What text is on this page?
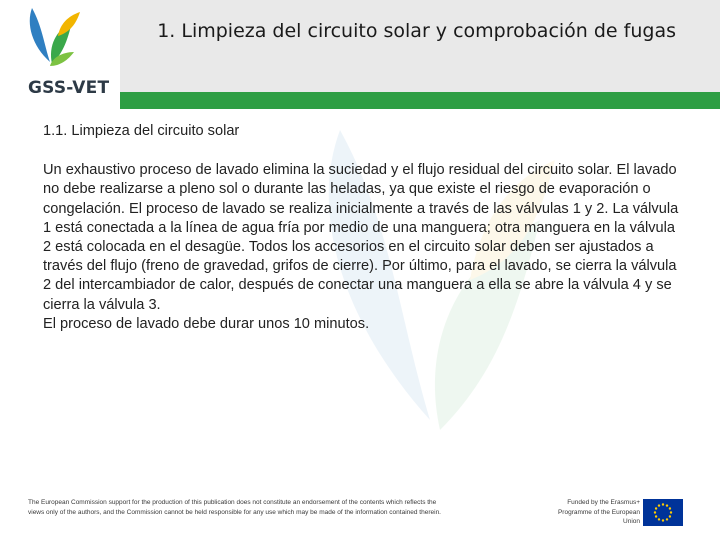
GSS-VET
1. Limpieza del circuito solar y comprobación de fugas

1.1. Limpieza del circuito solar

Un exhaustivo proceso de lavado elimina la suciedad y el flujo residual del circuito solar. El lavado no debe realizarse a pleno sol o durante las heladas, ya que existe el riesgo de evaporación o congelación. El proceso de lavado se realiza inicialmente a través de las válvulas 1 y 2. La válvula 1 está conectada a la línea de agua fría por medio de una manguera; otra manguera en la válvula 2 está colocada en el desagüe. Todos los accesorios en el circuito solar deben ser ajustados a través del flujo (freno de gravedad, grifos de cierre). Por último, para el lavado, se cierra la válvula 2 del intercambiador de calor, después de conectar una manguera a ella se abre la válvula 4 y se cierra la válvula 3.

El proceso de lavado debe durar unos 10 minutos.

The European Commission support for the production of this publication does not constitute an endorsement of the contents which reflects the views only of the authors, and the Commission cannot be held responsible for any use which may be made of the information contained therein.
Funded by the Erasmus+ Programme of the European Union
